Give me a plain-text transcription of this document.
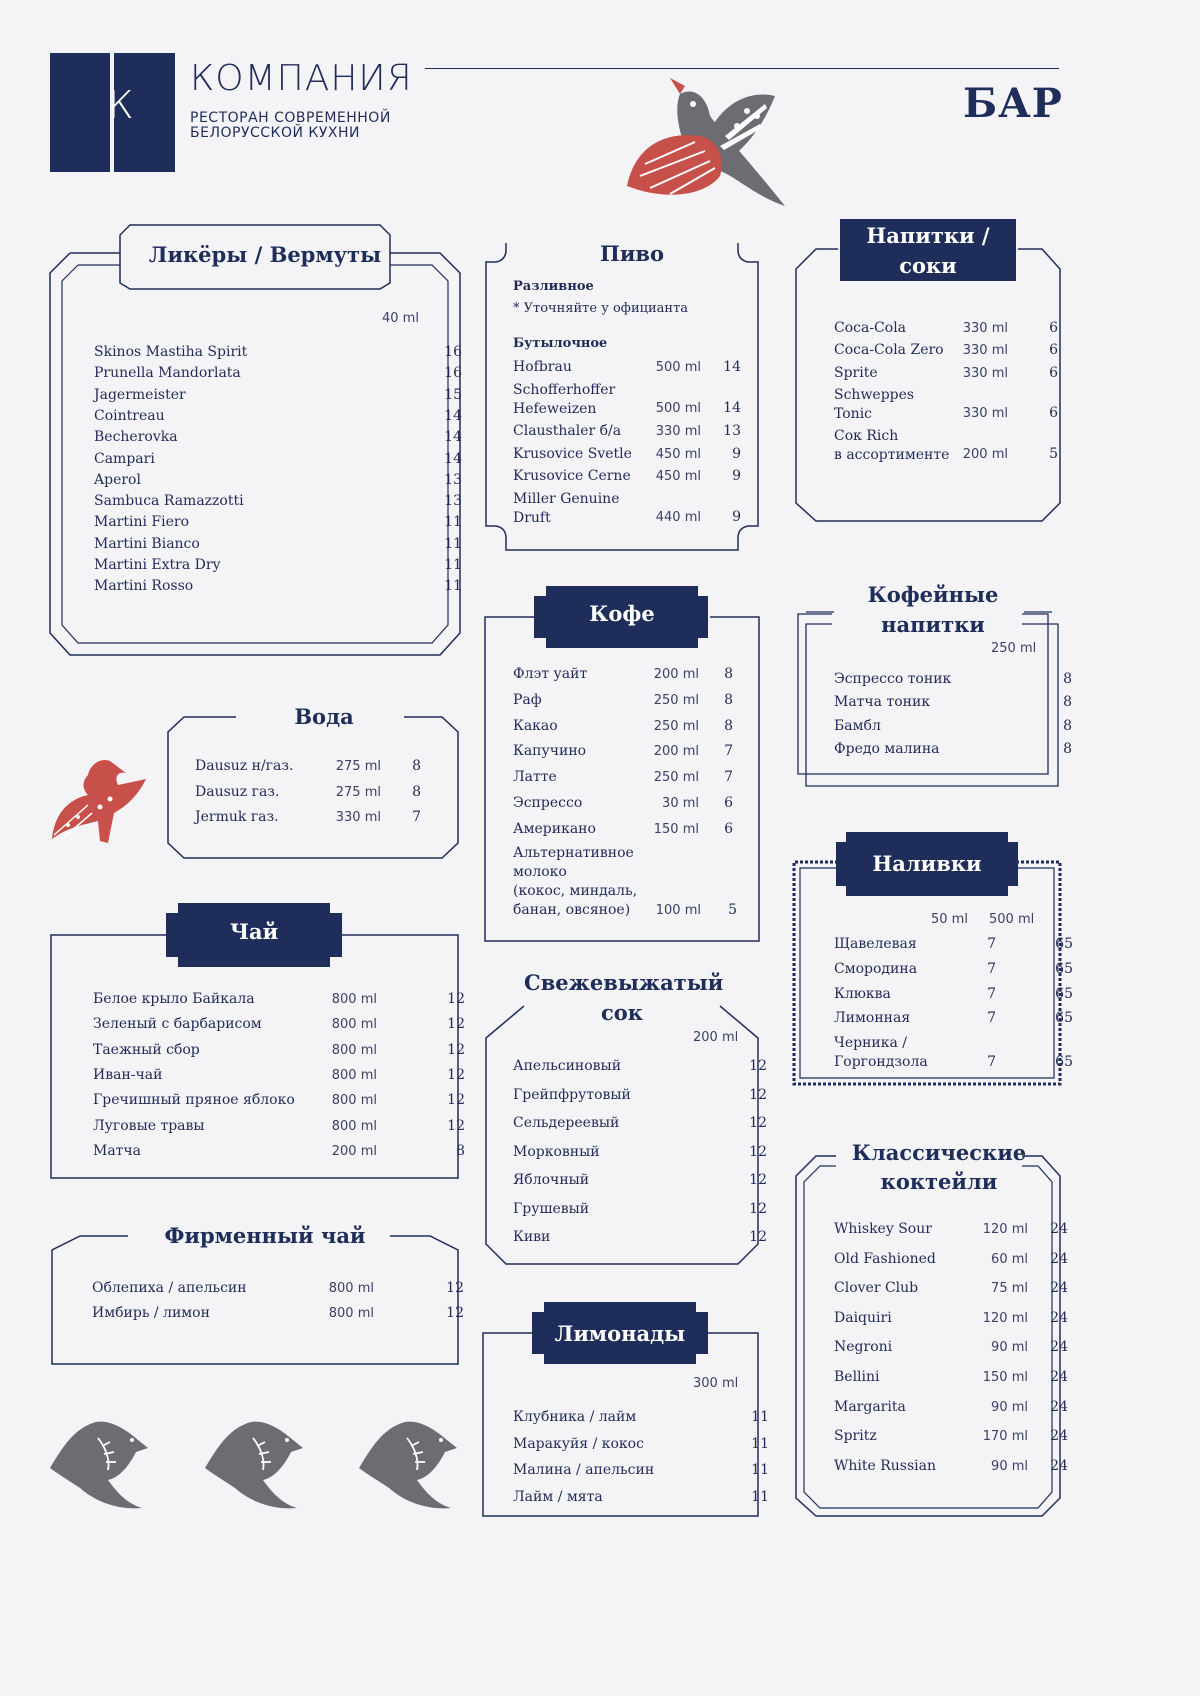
К
КОМПАНИЯ
РЕСТОРАН СОВРЕМЕННОЙ
БЕЛОРУССКОЙ КУХНИ
БАР
Ликёры / Вермуты
40 ml
Skinos Mastiha Spirit	16
Prunella Mandorlata	16
Jagermeister	15
Cointreau	14
Becherovka	14
Campari	14
Aperol	13
Sambuca Ramazzotti	13
Martini Fiero	11
Martini Bianco	11
Martini Extra Dry	11
Martini Rosso	11
Пиво
Разливное
* Уточняйте у официанта
Бутылочное
Hofbrau	500 ml	14
Schofferhoffer
Hefeweizen	500 ml	14
Clausthaler б/а	330 ml	13
Krusovice Svetle	450 ml	9
Krusovice Cerne	450 ml	9
Miller Genuine
Druft	440 ml	9
Напитки /
соки
Coca-Cola	330 ml	6
Coca-Cola Zero	330 ml	6
Sprite	330 ml	6
Schweppes
Tonic	330 ml	6
Сок Rich
в ассортименте	200 ml	5
Вода
Dausuz н/газ.	275 ml	8
Dausuz газ.	275 ml	8
Jermuk газ.	330 ml	7
Кофе
Флэт уайт	200 ml	8
Раф	250 ml	8
Какао	250 ml	8
Капучино	200 ml	7
Латте	250 ml	7
Эспрессо	30 ml	6
Американо	150 ml	6
Альтернативное
молоко
(кокос, миндаль,
банан, овсяное)	100 ml	5
Кофейные
напитки
250 ml
Эспрессо тоник	8
Матча тоник	8
Бамбл	8
Фредо малина	8
Чай
Белое крыло Байкала	800 ml	12
Зеленый с барбарисом	800 ml	12
Таежный сбор	800 ml	12
Иван-чай	800 ml	12
Гречишный пряное яблоко	800 ml	12
Луговые травы	800 ml	12
Матча	200 ml	8
Наливки
50 ml 500 ml
Щавелевая	7	65
Смородина	7	65
Клюква	7	65
Лимонная	7	65
Черника /
Горгондзола	7	65
Свежевыжатый
сок
200 ml
Апельсиновый	12
Грейпфрутовый	12
Сельдереевый	12
Морковный	12
Яблочный	12
Грушевый	12
Киви	12
Фирменный чай
Облепиха / апельсин	800 ml	12
Имбирь / лимон	800 ml	12
Классические
коктейли
Whiskey Sour	120 ml	24
Old Fashioned	60 ml	24
Clover Club	75 ml	24
Daiquiri	120 ml	24
Negroni	90 ml	24
Bellini	150 ml	24
Margarita	90 ml	24
Spritz	170 ml	24
White Russian	90 ml	24
Лимонады
300 ml
Клубника / лайм	11
Маракуйя / кокос	11
Малина / апельсин	11
Лайм / мята	11
